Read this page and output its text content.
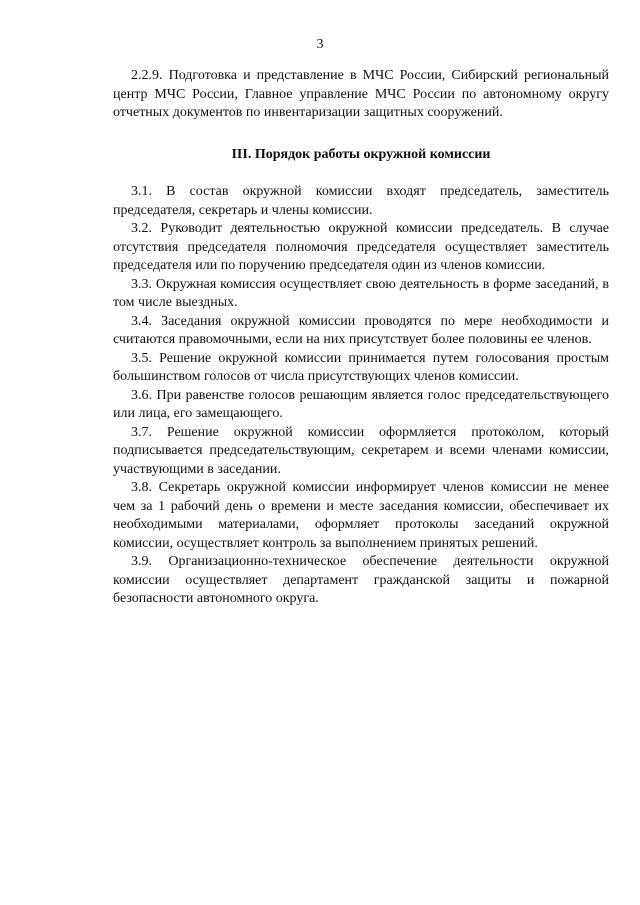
3

2.2.9. Подготовка и представление в МЧС России, Сибирский региональный центр МЧС России, Главное управление МЧС России по автономному округу отчетных документов по инвентаризации защитных сооружений.

III. Порядок работы окружной комиссии

3.1. В состав окружной комиссии входят председатель, заместитель председателя, секретарь и члены комиссии.

3.2. Руководит деятельностью окружной комиссии председатель. В случае отсутствия председателя полномочия председателя осуществляет заместитель председателя или по поручению председателя один из членов комиссии.

3.3. Окружная комиссия осуществляет свою деятельность в форме заседаний, в том числе выездных.

3.4. Заседания окружной комиссии проводятся по мере необходимости и считаются правомочными, если на них присутствует более половины ее членов.

3.5. Решение окружной комиссии принимается путем голосования простым большинством голосов от числа присутствующих членов комиссии.

3.6. При равенстве голосов решающим является голос председательствующего или лица, его замещающего.

3.7. Решение окружной комиссии оформляется протоколом, который подписывается председательствующим, секретарем и всеми членами комиссии, участвующими в заседании.

3.8. Секретарь окружной комиссии информирует членов комиссии не менее чем за 1 рабочий день о времени и месте заседания комиссии, обеспечивает их необходимыми материалами, оформляет протоколы заседаний окружной комиссии, осуществляет контроль за выполнением принятых решений.

3.9. Организационно-техническое обеспечение деятельности окружной комиссии осуществляет департамент гражданской защиты и пожарной безопасности автономного округа.
